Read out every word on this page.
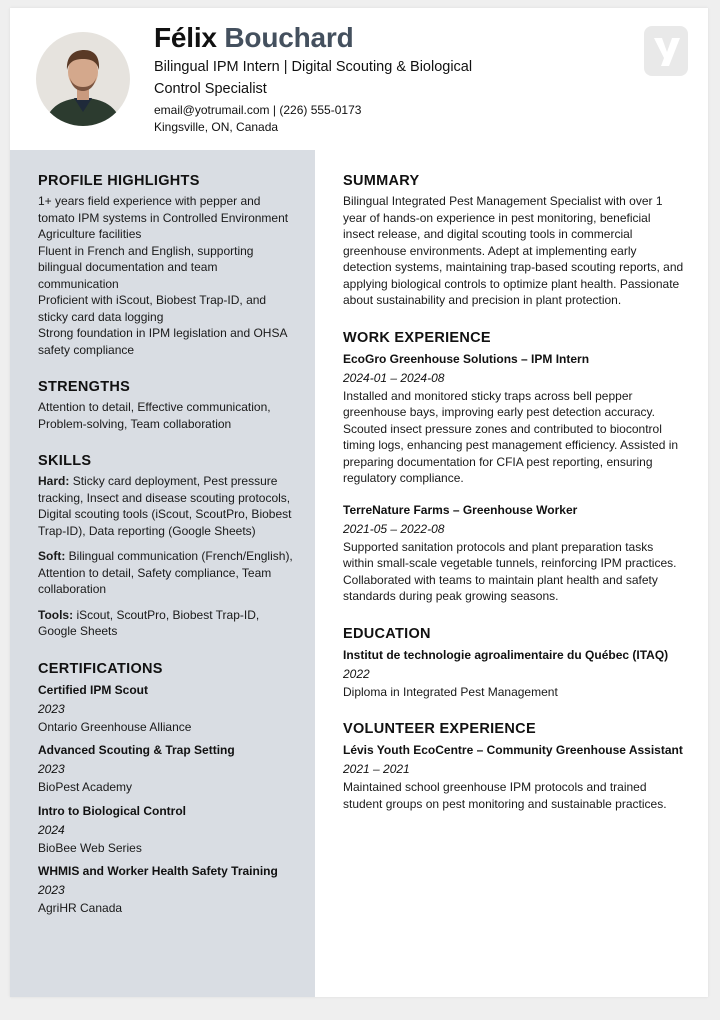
Félix Bouchard
Bilingual IPM Intern | Digital Scouting & Biological Control Specialist
email@yotrumail.com | (226) 555-0173
Kingsville, ON, Canada
PROFILE HIGHLIGHTS

1+ years field experience with pepper and tomato IPM systems in Controlled Environment Agriculture facilities

Fluent in French and English, supporting bilingual documentation and team communication

Proficient with iScout, Biobest Trap-ID, and sticky card data logging

Strong foundation in IPM legislation and OHSA safety compliance

STRENGTHS

Attention to detail, Effective communication, Problem-solving, Team collaboration

SKILLS

Hard: Sticky card deployment, Pest pressure tracking, Insect and disease scouting protocols, Digital scouting tools (iScout, ScoutPro, Biobest Trap-ID), Data reporting (Google Sheets)

Soft: Bilingual communication (French/English), Attention to detail, Safety compliance, Team collaboration

Tools: iScout, ScoutPro, Biobest Trap-ID, Google Sheets

CERTIFICATIONS
Certified IPM Scout
2023
Ontario Greenhouse Alliance
Advanced Scouting & Trap Setting
2023
BioPest Academy
Intro to Biological Control
2024
BioBee Web Series
WHMIS and Worker Health Safety Training
2023
AgriHR Canada
SUMMARY

Bilingual Integrated Pest Management Specialist with over 1 year of hands-on experience in pest monitoring, beneficial insect release, and digital scouting tools in commercial greenhouse environments. Adept at implementing early detection systems, maintaining trap-based scouting reports, and applying biological controls to optimize plant health. Passionate about sustainability and precision in plant protection.

WORK EXPERIENCE
EcoGro Greenhouse Solutions – IPM Intern
2024-01 – 2024-08

Installed and monitored sticky traps across bell pepper greenhouse bays, improving early pest detection accuracy. Scouted insect pressure zones and contributed to biocontrol timing logs, enhancing pest management efficiency. Assisted in preparing documentation for CFIA pest reporting, ensuring regulatory compliance.

TerreNature Farms – Greenhouse Worker
2021-05 – 2022-08

Supported sanitation protocols and plant preparation tasks within small-scale vegetable tunnels, reinforcing IPM practices. Collaborated with teams to maintain plant health and safety standards during peak growing seasons.

EDUCATION
Institut de technologie agroalimentaire du Québec (ITAQ)
2022

Diploma in Integrated Pest Management

VOLUNTEER EXPERIENCE
Lévis Youth EcoCentre – Community Greenhouse Assistant
2021 – 2021

Maintained school greenhouse IPM protocols and trained student groups on pest monitoring and sustainable practices.
